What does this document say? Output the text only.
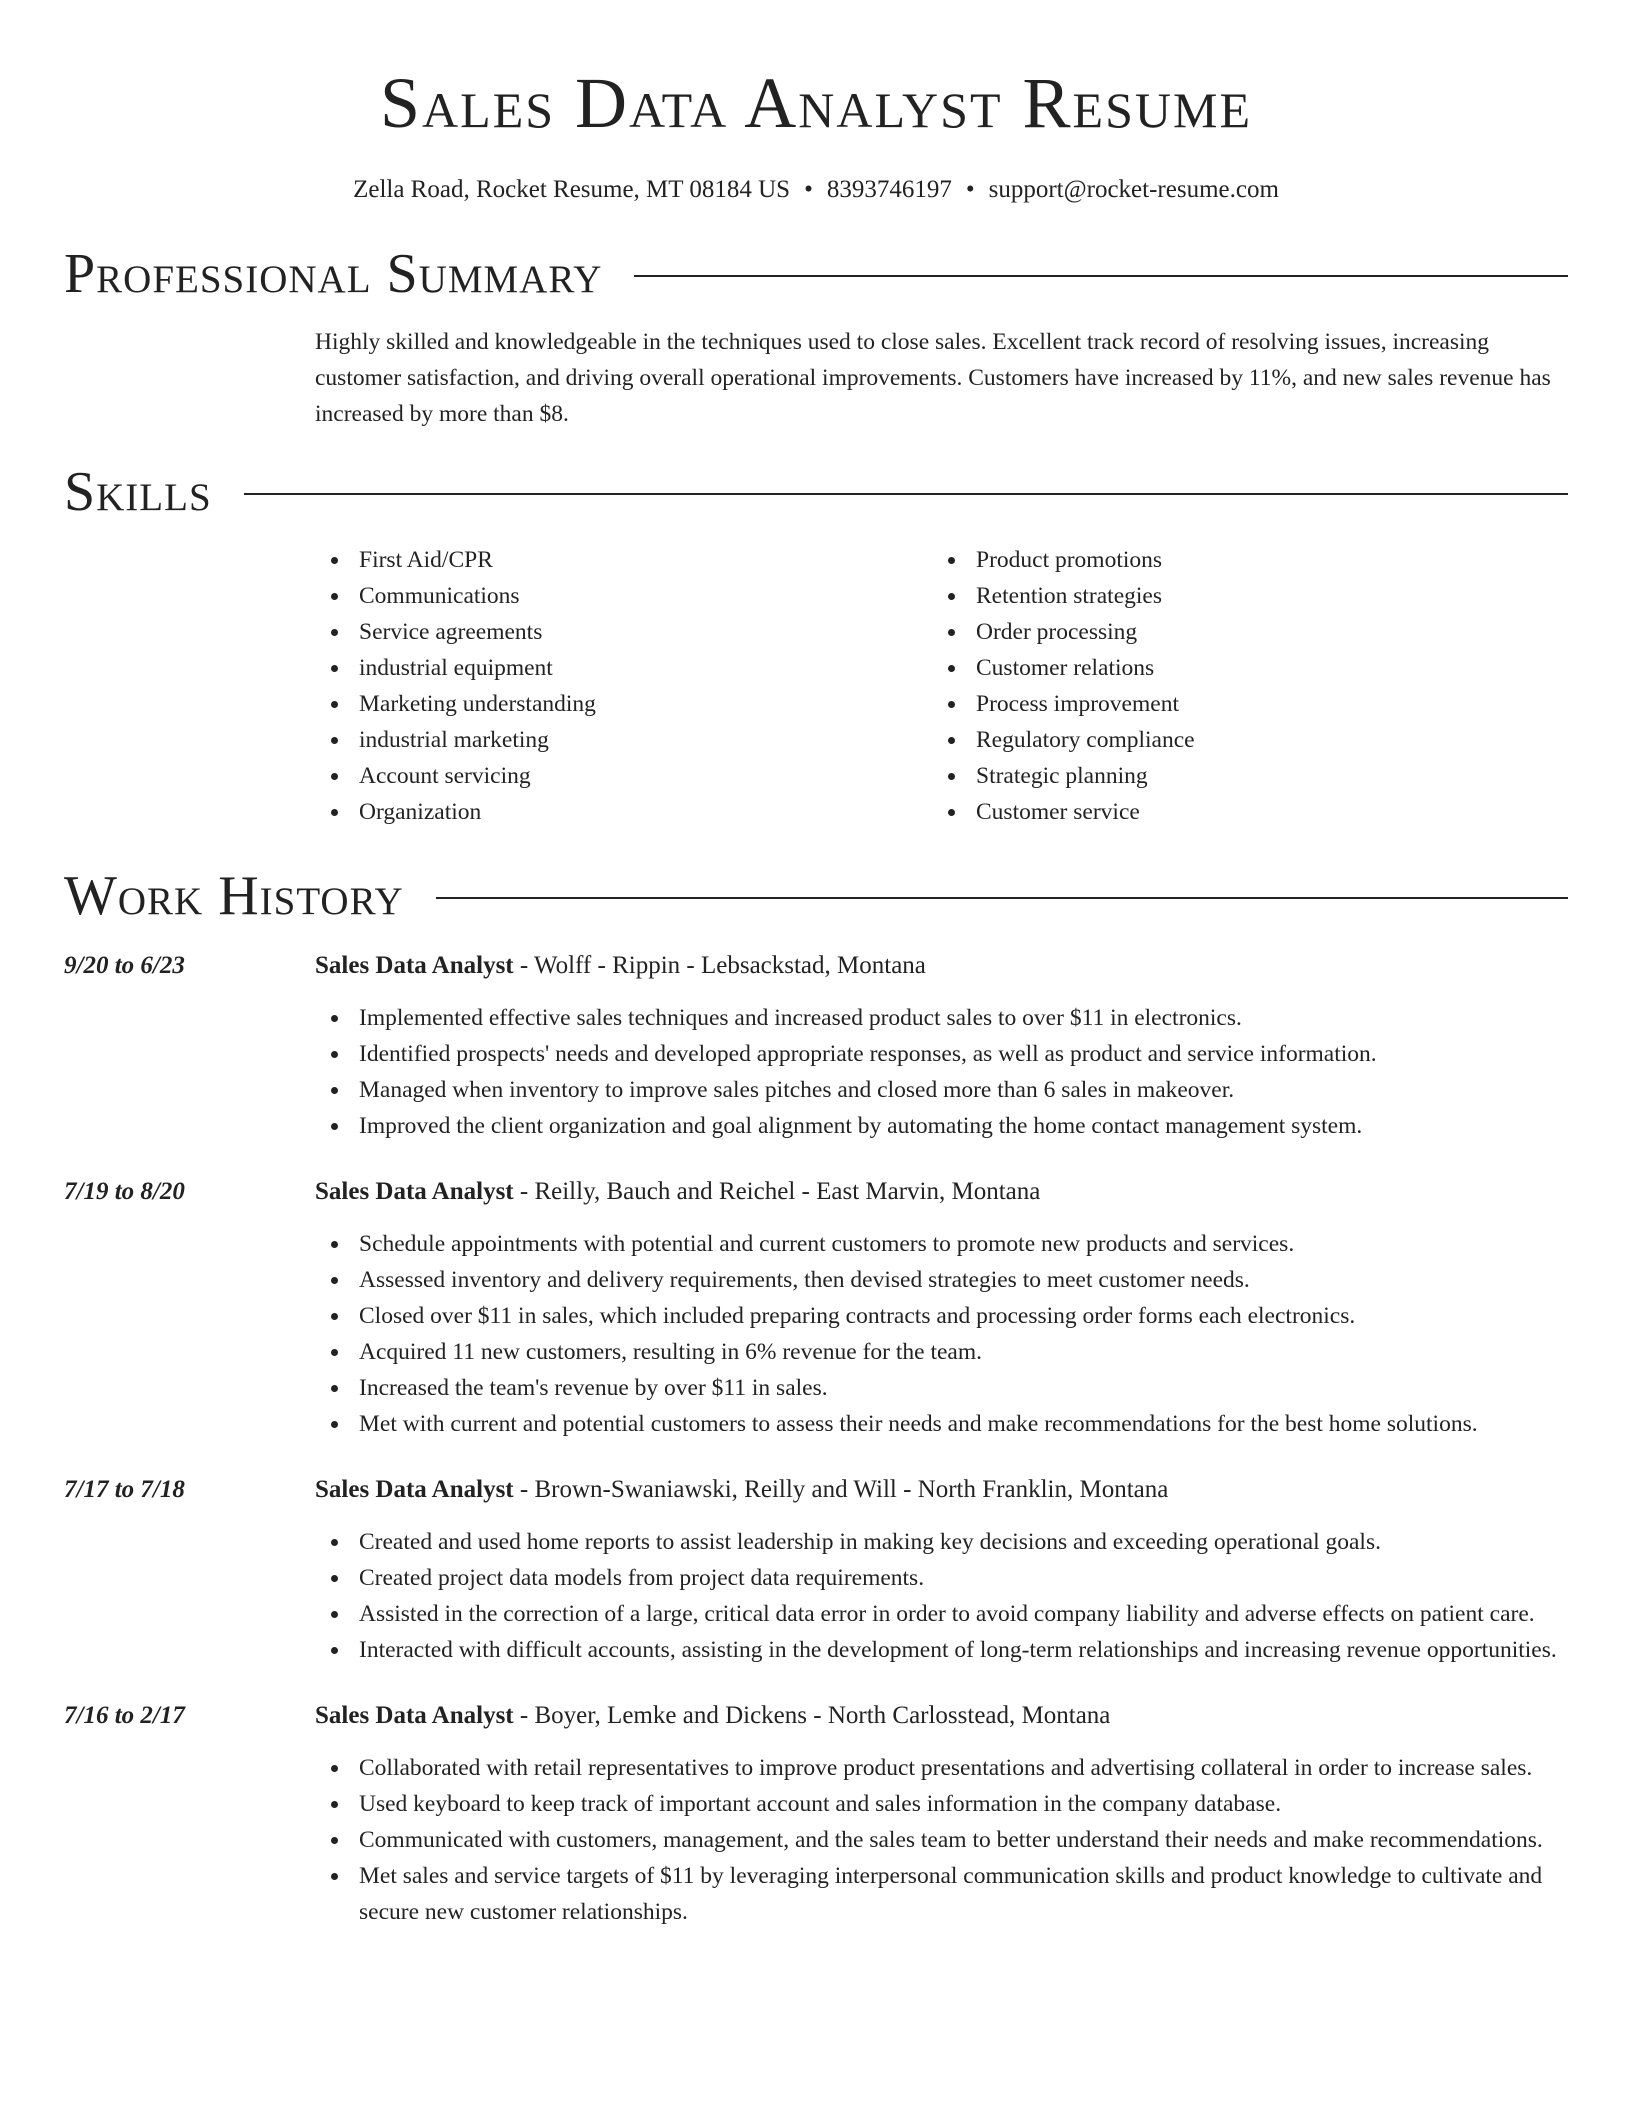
Sales Data Analyst Resume
Zella Road, Rocket Resume, MT 08184 US • 8393746197 • support@rocket-resume.com
Professional Summary

Highly skilled and knowledgeable in the techniques used to close sales. Excellent track record of resolving issues, increasing customer satisfaction, and driving overall operational improvements. Customers have increased by 11%, and new sales revenue has increased by more than $8.

Skills
First Aid/CPR
Communications
Service agreements
industrial equipment
Marketing understanding
industrial marketing
Account servicing
Organization
Product promotions
Retention strategies
Order processing
Customer relations
Process improvement
Regulatory compliance
Strategic planning
Customer service
Work History
9/20 to 6/23	Sales Data Analyst - Wolff - Rippin - Lebsackstad, Montana
Implemented effective sales techniques and increased product sales to over $11 in electronics.
Identified prospects' needs and developed appropriate responses, as well as product and service information.
Managed when inventory to improve sales pitches and closed more than 6 sales in makeover.
Improved the client organization and goal alignment by automating the home contact management system.
7/19 to 8/20	Sales Data Analyst - Reilly, Bauch and Reichel - East Marvin, Montana
Schedule appointments with potential and current customers to promote new products and services.
Assessed inventory and delivery requirements, then devised strategies to meet customer needs.
Closed over $11 in sales, which included preparing contracts and processing order forms each electronics.
Acquired 11 new customers, resulting in 6% revenue for the team.
Increased the team's revenue by over $11 in sales.
Met with current and potential customers to assess their needs and make recommendations for the best home solutions.
7/17 to 7/18	Sales Data Analyst - Brown-Swaniawski, Reilly and Will - North Franklin, Montana
Created and used home reports to assist leadership in making key decisions and exceeding operational goals.
Created project data models from project data requirements.
Assisted in the correction of a large, critical data error in order to avoid company liability and adverse effects on patient care.
Interacted with difficult accounts, assisting in the development of long-term relationships and increasing revenue opportunities.
7/16 to 2/17	Sales Data Analyst - Boyer, Lemke and Dickens - North Carlosstead, Montana
Collaborated with retail representatives to improve product presentations and advertising collateral in order to increase sales.
Used keyboard to keep track of important account and sales information in the company database.
Communicated with customers, management, and the sales team to better understand their needs and make recommendations.
Met sales and service targets of $11 by leveraging interpersonal communication skills and product knowledge to cultivate and secure new customer relationships.
